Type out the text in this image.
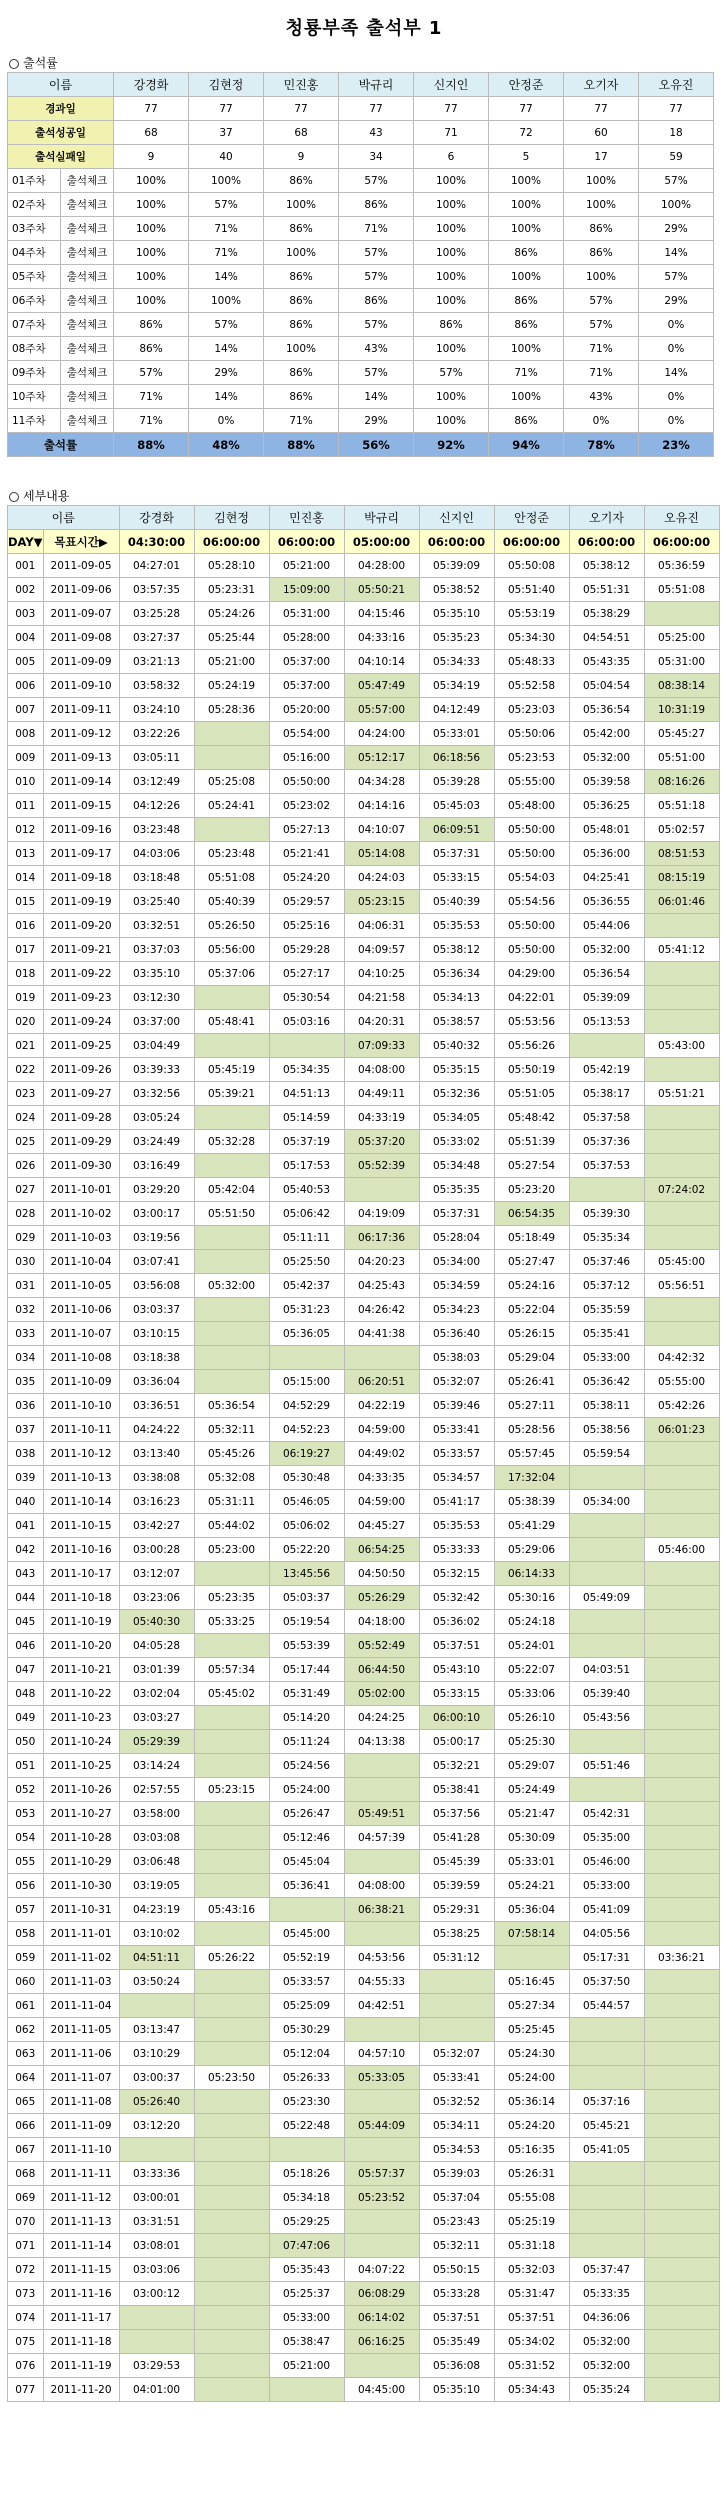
청룡부족 출석부 1
출석률
이름		강경화	김현정	민진홍	박규리	신지인	안정준	오기자	오유진
경과일		77	77	77	77	77	77	77	77
출석성공일		68	37	68	43	71	72	60	18
출석실패일		9	40	9	34	6	5	17	59
01주차	출석체크	100%	100%	86%	57%	100%	100%	100%	57%
02주차	출석체크	100%	57%	100%	86%	100%	100%	100%	100%
03주차	출석체크	100%	71%	86%	71%	100%	100%	86%	29%
04주차	출석체크	100%	71%	100%	57%	100%	86%	86%	14%
05주차	출석체크	100%	14%	86%	57%	100%	100%	100%	57%
06주차	출석체크	100%	100%	86%	86%	100%	86%	57%	29%
07주차	출석체크	86%	57%	86%	57%	86%	86%	57%	0%
08주차	출석체크	86%	14%	100%	43%	100%	100%	71%	0%
09주차	출석체크	57%	29%	86%	57%	57%	71%	71%	14%
10주차	출석체크	71%	14%	86%	14%	100%	100%	43%	0%
11주차	출석체크	71%	0%	71%	29%	100%	86%	0%	0%
출석률		88%	48%	88%	56%	92%	94%	78%	23%
세부내용
이름		강경화	김현정	민진홍	박규리	신지인	안정준	오기자	오유진
DAY▼	목표시간▶	04:30:00	06:00:00	06:00:00	05:00:00	06:00:00	06:00:00	06:00:00	06:00:00
001	2011-09-05	04:27:01	05:28:10	05:21:00	04:28:00	05:39:09	05:50:08	05:38:12	05:36:59
002	2011-09-06	03:57:35	05:23:31	15:09:00	05:50:21	05:38:52	05:51:40	05:51:31	05:51:08
003	2011-09-07	03:25:28	05:24:26	05:31:00	04:15:46	05:35:10	05:53:19	05:38:29	
004	2011-09-08	03:27:37	05:25:44	05:28:00	04:33:16	05:35:23	05:34:30	04:54:51	05:25:00
005	2011-09-09	03:21:13	05:21:00	05:37:00	04:10:14	05:34:33	05:48:33	05:43:35	05:31:00
006	2011-09-10	03:58:32	05:24:19	05:37:00	05:47:49	05:34:19	05:52:58	05:04:54	08:38:14
007	2011-09-11	03:24:10	05:28:36	05:20:00	05:57:00	04:12:49	05:23:03	05:36:54	10:31:19
008	2011-09-12	03:22:26		05:54:00	04:24:00	05:33:01	05:50:06	05:42:00	05:45:27
009	2011-09-13	03:05:11		05:16:00	05:12:17	06:18:56	05:23:53	05:32:00	05:51:00
010	2011-09-14	03:12:49	05:25:08	05:50:00	04:34:28	05:39:28	05:55:00	05:39:58	08:16:26
011	2011-09-15	04:12:26	05:24:41	05:23:02	04:14:16	05:45:03	05:48:00	05:36:25	05:51:18
012	2011-09-16	03:23:48		05:27:13	04:10:07	06:09:51	05:50:00	05:48:01	05:02:57
013	2011-09-17	04:03:06	05:23:48	05:21:41	05:14:08	05:37:31	05:50:00	05:36:00	08:51:53
014	2011-09-18	03:18:48	05:51:08	05:24:20	04:24:03	05:33:15	05:54:03	04:25:41	08:15:19
015	2011-09-19	03:25:40	05:40:39	05:29:57	05:23:15	05:40:39	05:54:56	05:36:55	06:01:46
016	2011-09-20	03:32:51	05:26:50	05:25:16	04:06:31	05:35:53	05:50:00	05:44:06	
017	2011-09-21	03:37:03	05:56:00	05:29:28	04:09:57	05:38:12	05:50:00	05:32:00	05:41:12
018	2011-09-22	03:35:10	05:37:06	05:27:17	04:10:25	05:36:34	04:29:00	05:36:54	
019	2011-09-23	03:12:30		05:30:54	04:21:58	05:34:13	04:22:01	05:39:09	
020	2011-09-24	03:37:00	05:48:41	05:03:16	04:20:31	05:38:57	05:53:56	05:13:53	
021	2011-09-25	03:04:49			07:09:33	05:40:32	05:56:26		05:43:00
022	2011-09-26	03:39:33	05:45:19	05:34:35	04:08:00	05:35:15	05:50:19	05:42:19	
023	2011-09-27	03:32:56	05:39:21	04:51:13	04:49:11	05:32:36	05:51:05	05:38:17	05:51:21
024	2011-09-28	03:05:24		05:14:59	04:33:19	05:34:05	05:48:42	05:37:58	
025	2011-09-29	03:24:49	05:32:28	05:37:19	05:37:20	05:33:02	05:51:39	05:37:36	
026	2011-09-30	03:16:49		05:17:53	05:52:39	05:34:48	05:27:54	05:37:53	
027	2011-10-01	03:29:20	05:42:04	05:40:53		05:35:35	05:23:20		07:24:02
028	2011-10-02	03:00:17	05:51:50	05:06:42	04:19:09	05:37:31	06:54:35	05:39:30	
029	2011-10-03	03:19:56		05:11:11	06:17:36	05:28:04	05:18:49	05:35:34	
030	2011-10-04	03:07:41		05:25:50	04:20:23	05:34:00	05:27:47	05:37:46	05:45:00
031	2011-10-05	03:56:08	05:32:00	05:42:37	04:25:43	05:34:59	05:24:16	05:37:12	05:56:51
032	2011-10-06	03:03:37		05:31:23	04:26:42	05:34:23	05:22:04	05:35:59	
033	2011-10-07	03:10:15		05:36:05	04:41:38	05:36:40	05:26:15	05:35:41	
034	2011-10-08	03:18:38				05:38:03	05:29:04	05:33:00	04:42:32
035	2011-10-09	03:36:04		05:15:00	06:20:51	05:32:07	05:26:41	05:36:42	05:55:00
036	2011-10-10	03:36:51	05:36:54	04:52:29	04:22:19	05:39:46	05:27:11	05:38:11	05:42:26
037	2011-10-11	04:24:22	05:32:11	04:52:23	04:59:00	05:33:41	05:28:56	05:38:56	06:01:23
038	2011-10-12	03:13:40	05:45:26	06:19:27	04:49:02	05:33:57	05:57:45	05:59:54	
039	2011-10-13	03:38:08	05:32:08	05:30:48	04:33:35	05:34:57	17:32:04		
040	2011-10-14	03:16:23	05:31:11	05:46:05	04:59:00	05:41:17	05:38:39	05:34:00	
041	2011-10-15	03:42:27	05:44:02	05:06:02	04:45:27	05:35:53	05:41:29		
042	2011-10-16	03:00:28	05:23:00	05:22:20	06:54:25	05:33:33	05:29:06		05:46:00
043	2011-10-17	03:12:07		13:45:56	04:50:50	05:32:15	06:14:33		
044	2011-10-18	03:23:06	05:23:35	05:03:37	05:26:29	05:32:42	05:30:16	05:49:09	
045	2011-10-19	05:40:30	05:33:25	05:19:54	04:18:00	05:36:02	05:24:18		
046	2011-10-20	04:05:28		05:53:39	05:52:49	05:37:51	05:24:01		
047	2011-10-21	03:01:39	05:57:34	05:17:44	06:44:50	05:43:10	05:22:07	04:03:51	
048	2011-10-22	03:02:04	05:45:02	05:31:49	05:02:00	05:33:15	05:33:06	05:39:40	
049	2011-10-23	03:03:27		05:14:20	04:24:25	06:00:10	05:26:10	05:43:56	
050	2011-10-24	05:29:39		05:11:24	04:13:38	05:00:17	05:25:30		
051	2011-10-25	03:14:24		05:24:56		05:32:21	05:29:07	05:51:46	
052	2011-10-26	02:57:55	05:23:15	05:24:00		05:38:41	05:24:49		
053	2011-10-27	03:58:00		05:26:47	05:49:51	05:37:56	05:21:47	05:42:31	
054	2011-10-28	03:03:08		05:12:46	04:57:39	05:41:28	05:30:09	05:35:00	
055	2011-10-29	03:06:48		05:45:04		05:45:39	05:33:01	05:46:00	
056	2011-10-30	03:19:05		05:36:41	04:08:00	05:39:59	05:24:21	05:33:00	
057	2011-10-31	04:23:19	05:43:16		06:38:21	05:29:31	05:36:04	05:41:09	
058	2011-11-01	03:10:02		05:45:00		05:38:25	07:58:14	04:05:56	
059	2011-11-02	04:51:11	05:26:22	05:52:19	04:53:56	05:31:12		05:17:31	03:36:21
060	2011-11-03	03:50:24		05:33:57	04:55:33		05:16:45	05:37:50	
061	2011-11-04			05:25:09	04:42:51		05:27:34	05:44:57	
062	2011-11-05	03:13:47		05:30:29			05:25:45		
063	2011-11-06	03:10:29		05:12:04	04:57:10	05:32:07	05:24:30		
064	2011-11-07	03:00:37	05:23:50	05:26:33	05:33:05	05:33:41	05:24:00		
065	2011-11-08	05:26:40		05:23:30		05:32:52	05:36:14	05:37:16	
066	2011-11-09	03:12:20		05:22:48	05:44:09	05:34:11	05:24:20	05:45:21	
067	2011-11-10					05:34:53	05:16:35	05:41:05	
068	2011-11-11	03:33:36		05:18:26	05:57:37	05:39:03	05:26:31		
069	2011-11-12	03:00:01		05:34:18	05:23:52	05:37:04	05:55:08		
070	2011-11-13	03:31:51		05:29:25		05:23:43	05:25:19		
071	2011-11-14	03:08:01		07:47:06		05:32:11	05:31:18		
072	2011-11-15	03:03:06		05:35:43	04:07:22	05:50:15	05:32:03	05:37:47	
073	2011-11-16	03:00:12		05:25:37	06:08:29	05:33:28	05:31:47	05:33:35	
074	2011-11-17			05:33:00	06:14:02	05:37:51	05:37:51	04:36:06	
075	2011-11-18			05:38:47	06:16:25	05:35:49	05:34:02	05:32:00	
076	2011-11-19	03:29:53		05:21:00		05:36:08	05:31:52	05:32:00	
077	2011-11-20	04:01:00			04:45:00	05:35:10	05:34:43	05:35:24	
